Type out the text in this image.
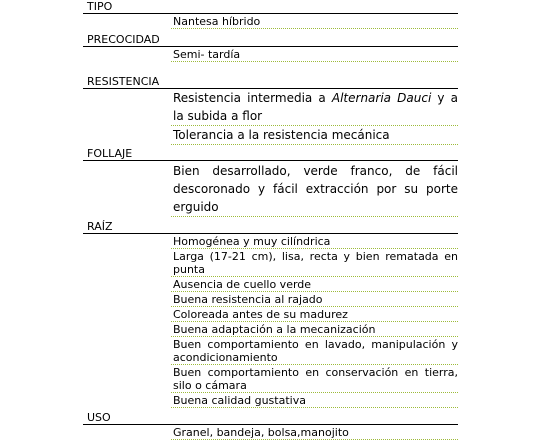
TIPO
Nantesa híbrido
PRECOCIDAD
Semi- tardía
RESISTENCIA
Resistencia intermedia a Alternaria Dauci y a la subida a flor
Tolerancia a la resistencia mecánica
FOLLAJE
Bien desarrollado, verde franco, de fácil descoronado y fácil extracción por su porte erguido
RAÍZ
Homogénea y muy cilíndrica
Larga (17-21 cm), lisa, recta y bien rematada en punta
Ausencia de cuello verde
Buena resistencia al rajado
Coloreada antes de su madurez
Buena adaptación a la mecanización
Buen comportamiento en lavado, manipulación y acondicionamiento
Buen comportamiento en conservación en tierra, silo o cámara
Buena calidad gustativa
USO
Granel, bandeja, bolsa,manojito
